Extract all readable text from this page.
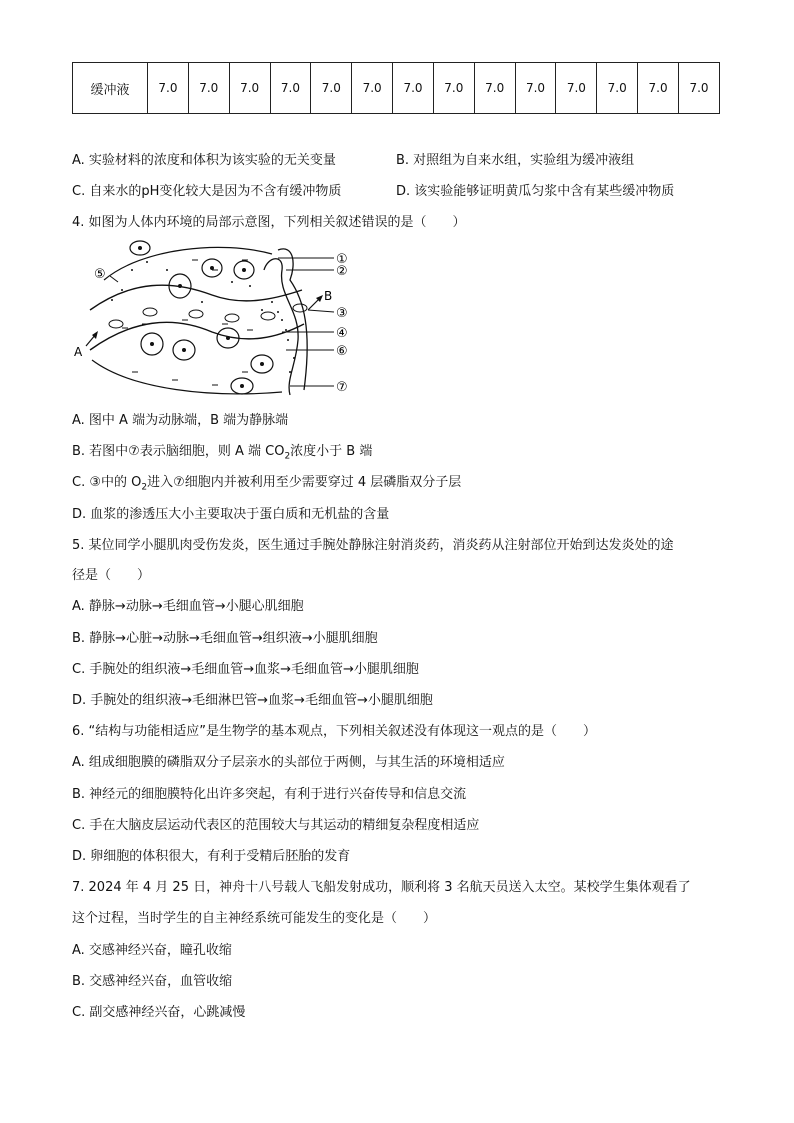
缓冲液	7.0	7.0	7.0	7.0	7.0	7.0	7.0	7.0	7.0	7.0	7.0	7.0	7.0	7.0
A. 实验材料的浓度和体积为该实验的无关变量	B. 对照组为自来水组，实验组为缓冲液组
C. 自来水的pH变化较大是因为不含有缓冲物质	D. 该实验能够证明黄瓜匀浆中含有某些缓冲物质
4. 如图为人体内环境的局部示意图，下列相关叙述错误的是（　　）
①
②
③
④
⑤
⑥
⑦
A
B
A. 图中 A 端为动脉端，B 端为静脉端
B. 若图中⑦表示脑细胞，则 A 端 $CO_2$浓度小于 B 端
C. ③中的 $O_2$进入⑦细胞内并被利用至少需要穿过 4 层磷脂双分子层
D. 血浆的渗透压大小主要取决于蛋白质和无机盐的含量
5. 某位同学小腿肌肉受伤发炎，医生通过手腕处静脉注射消炎药，消炎药从注射部位开始到达发炎处的途
径是（　　）
A. 静脉→动脉→毛细血管→小腿心肌细胞
B. 静脉→心脏→动脉→毛细血管→组织液→小腿肌细胞
C. 手腕处的组织液→毛细血管→血浆→毛细血管→小腿肌细胞
D. 手腕处的组织液→毛细淋巴管→血浆→毛细血管→小腿肌细胞
6. “结构与功能相适应”是生物学的基本观点，下列相关叙述没有体现这一观点的是（　　）
A. 组成细胞膜的磷脂双分子层亲水的头部位于两侧，与其生活的环境相适应
B. 神经元的细胞膜特化出许多突起，有利于进行兴奋传导和信息交流
C. 手在大脑皮层运动代表区的范围较大与其运动的精细复杂程度相适应
D. 卵细胞的体积很大，有利于受精后胚胎的发育
7. 2024 年 4 月 25 日，神舟十八号载人飞船发射成功，顺利将 3 名航天员送入太空。某校学生集体观看了
这个过程，当时学生的自主神经系统可能发生的变化是（　　）
A. 交感神经兴奋，瞳孔收缩
B. 交感神经兴奋，血管收缩
C. 副交感神经兴奋，心跳减慢
